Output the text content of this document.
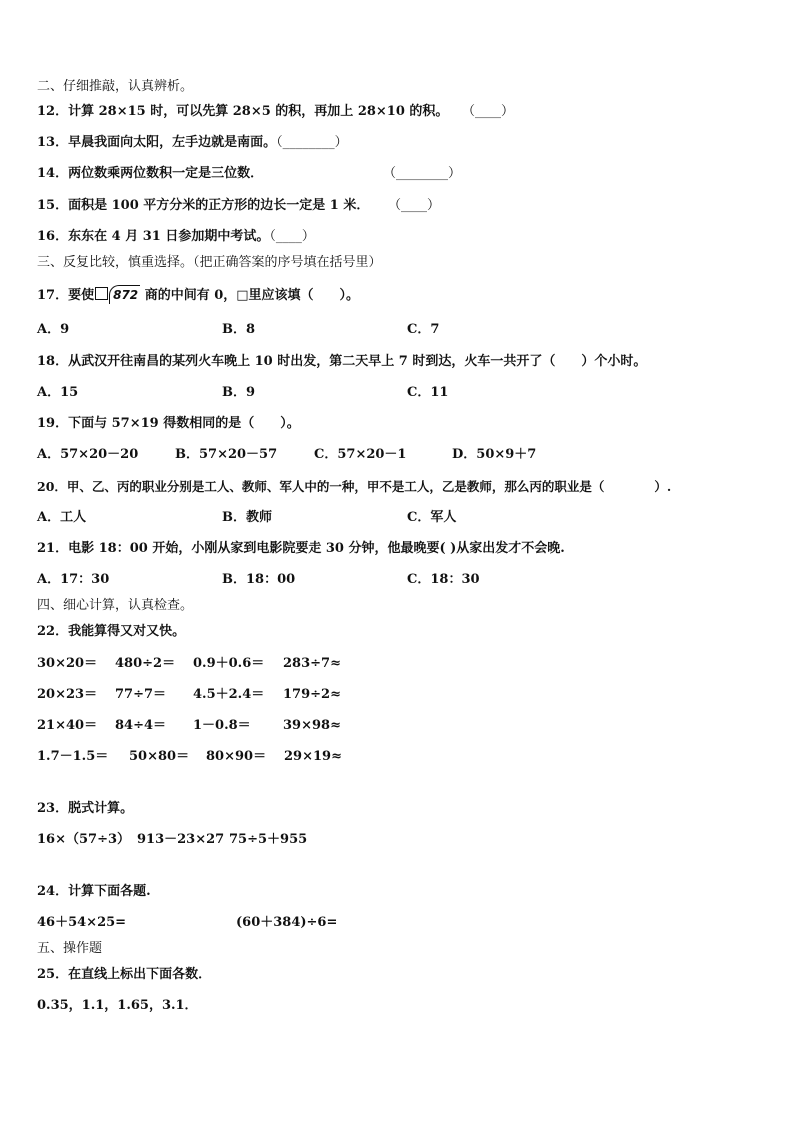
二、仔细推敲，认真辨析。
12．计算 28×15 时，可以先算 28×5 的积，再加上 28×10 的积。 （____）
13．早晨我面向太阳，左手边就是南面。（________）
14．两位数乘两位数积一定是三位数．	（________）
15．面积是 100 平方分米的正方形的边长一定是 1 米． （____）
16．东东在 4 月 31 日参加期中考试。（____）
三、反复比较，慎重选择。（把正确答案的序号填在括号里）
17．要使 872 商的中间有 0，□里应该填（　　）。
A．9	B．8	C．7
18．从武汉开往南昌的某列火车晚上 10 时出发，第二天早上 7 时到达，火车一共开了（　　）个小时。
A．15	B．9	C．11
19．下面与 57×19 得数相同的是（　　）。
A．57×20－20	B．57×20－57	C．57×20－1	D．50×9＋7
20．甲、乙、丙的职业分别是工人、教师、军人中的一种，甲不是工人，乙是教师，那么丙的职业是（　　　　）.
A．工人	B．教师	C．军人
21．电影 18：00 开始，小刚从家到电影院要走 30 分钟，他最晚要( )从家出发才不会晚.
A．17：30	B．18：00	C．18：30
四、细心计算，认真检查。
22．我能算得又对又快。
30×20＝ 480÷2＝ 0.9＋0.6＝ 283÷7≈
20×23＝ 77÷7＝ 4.5＋2.4＝ 179÷2≈
21×40＝ 84÷4＝ 1－0.8＝ 39×98≈
1.7－1.5＝ 50×80＝ 80×90＝ 29×19≈
23．脱式计算。
16×（57÷3） 913－23×27 75÷5＋955
24．计算下面各题.
46＋54×25=	(60＋384)÷6=
五、操作题
25．在直线上标出下面各数．
0.35，1.1，1.65，3.1．
